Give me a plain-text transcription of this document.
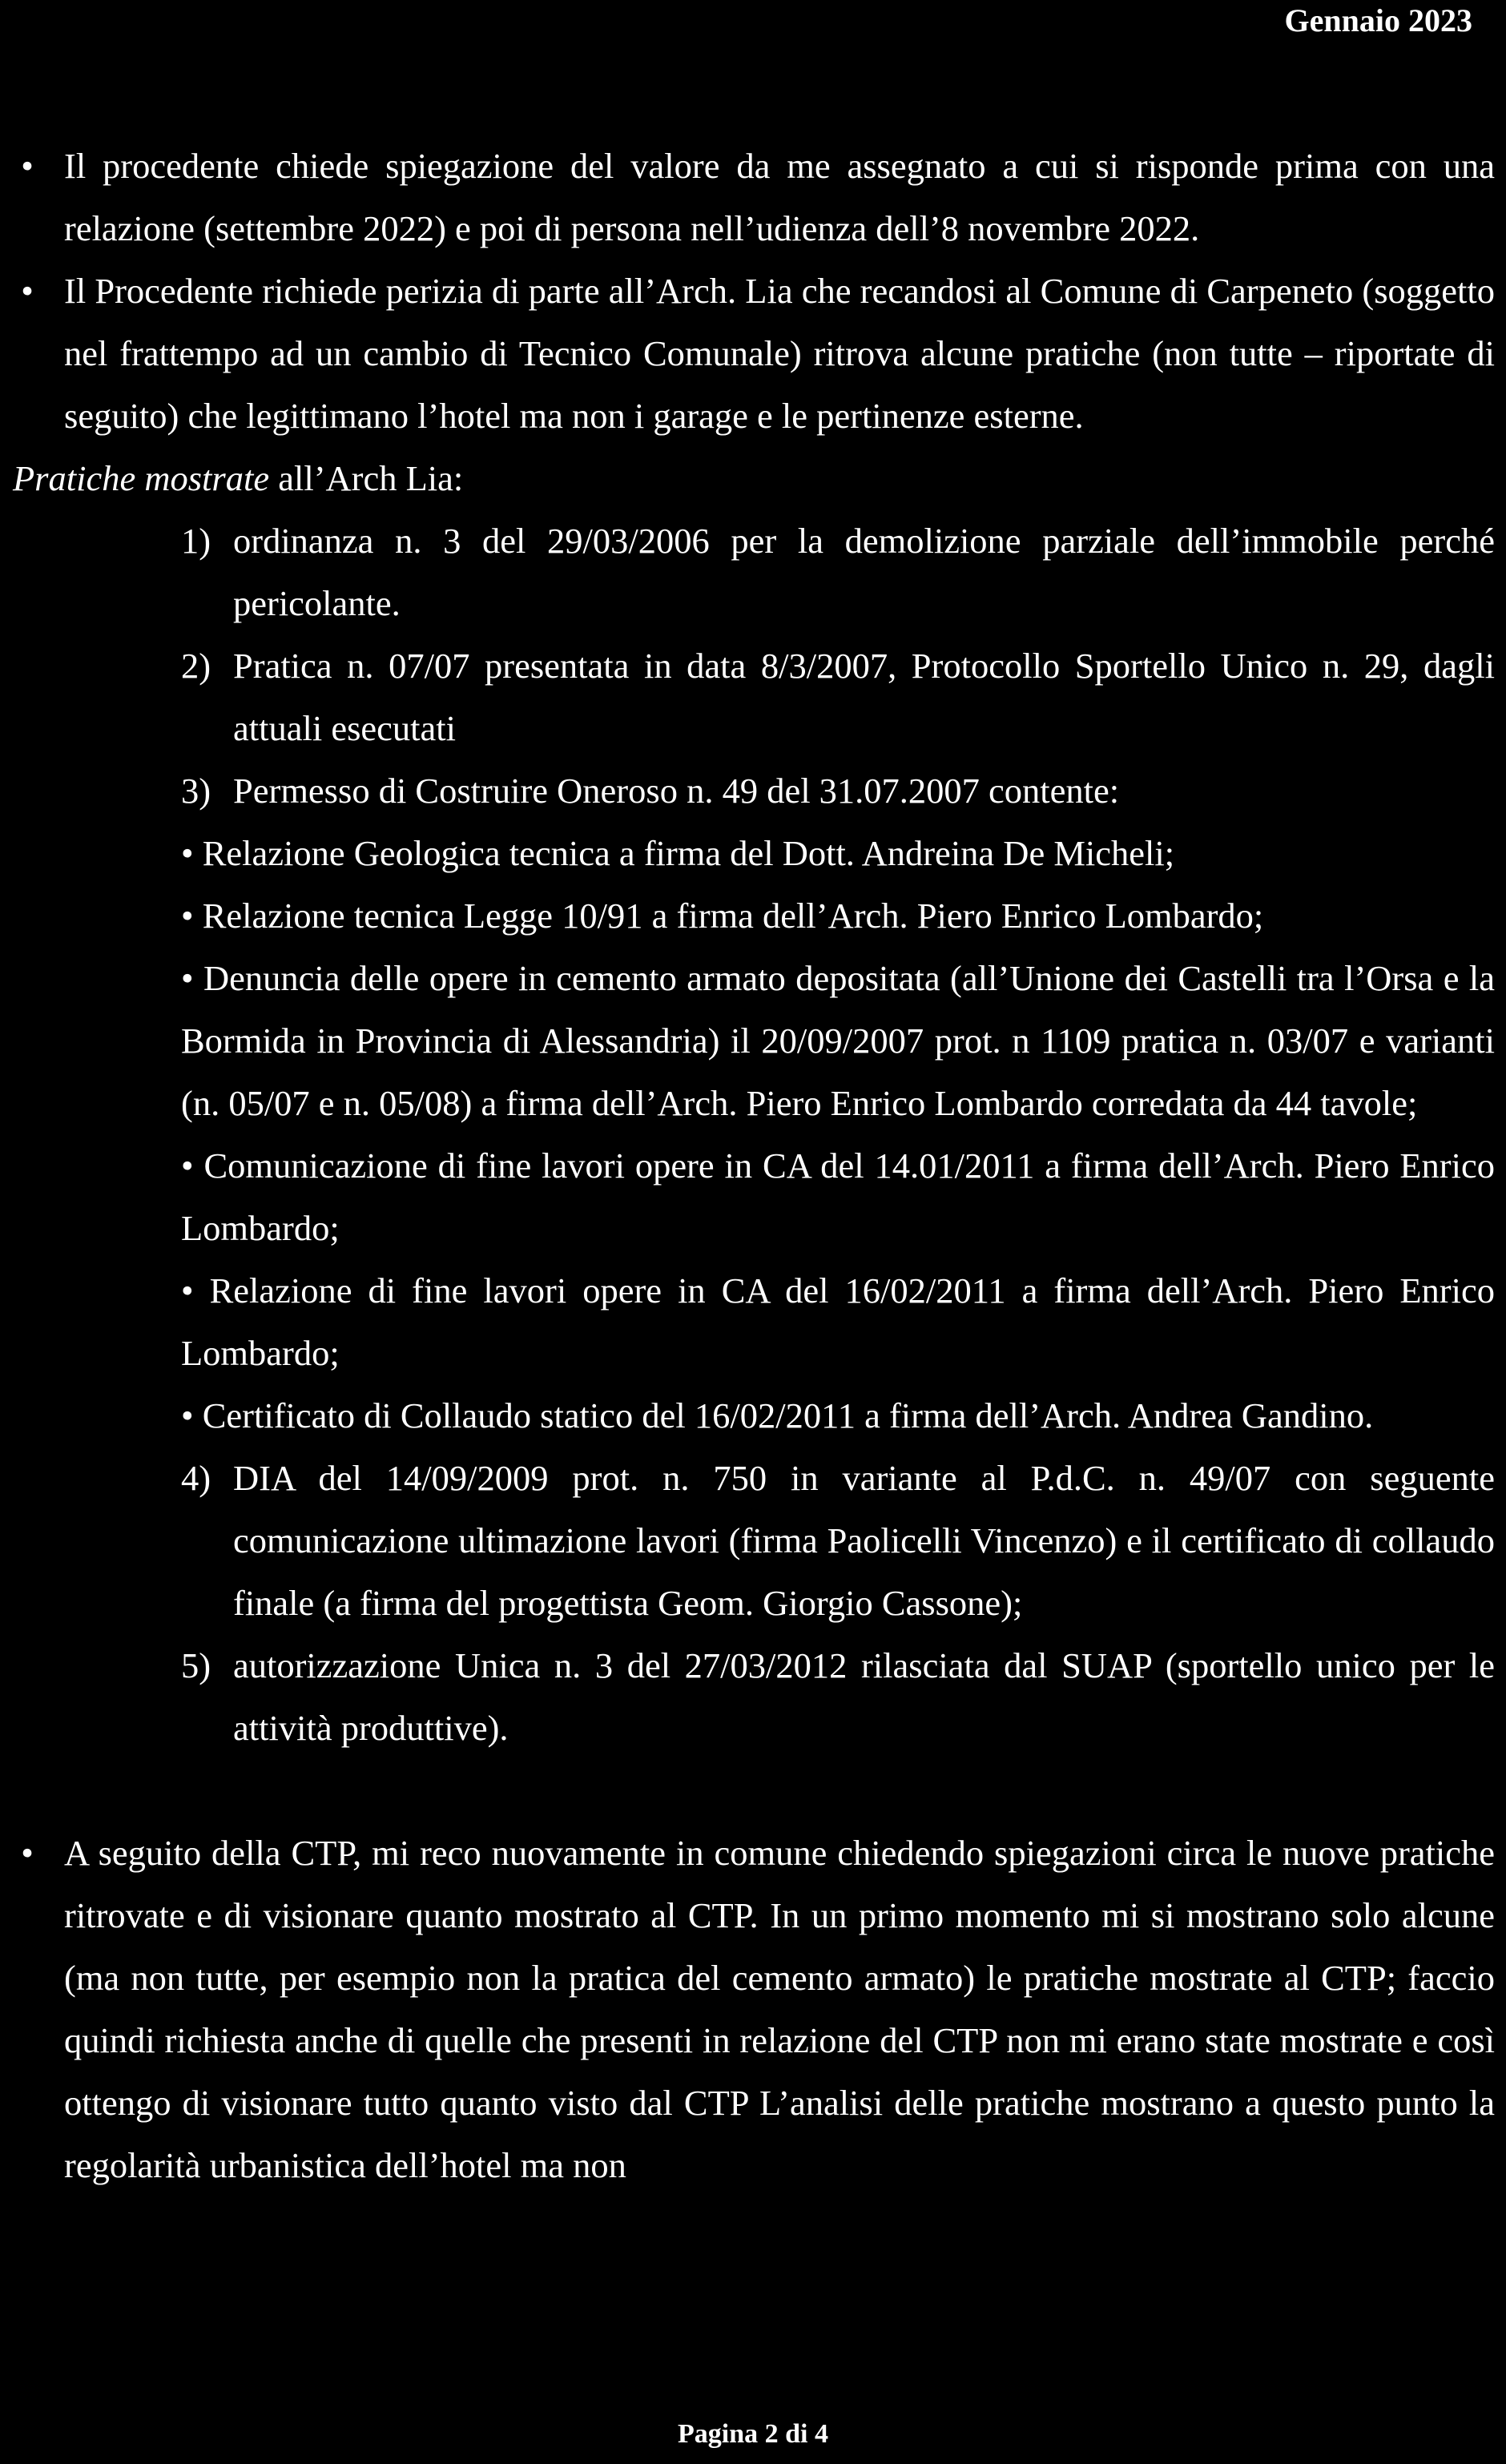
Gennaio 2023
• Il procedente chiede spiegazione del valore da me assegnato a cui si risponde prima con una relazione (settembre 2022) e poi di persona nell’udienza dell’8 novembre 2022.
• Il Procedente richiede perizia di parte all’Arch. Lia che recandosi al Comune di Carpeneto (soggetto nel frattempo ad un cambio di Tecnico Comunale) ritrova alcune pratiche (non tutte – riportate di seguito) che legittimano l’hotel ma non i garage e le pertinenze esterne.
Pratiche mostrate all’Arch Lia:
1) ordinanza n. 3 del 29/03/2006 per la demolizione parziale dell’immobile perché pericolante.
2) Pratica n. 07/07 presentata in data 8/3/2007, Protocollo Sportello Unico n. 29, dagli attuali esecutati
3) Permesso di Costruire Oneroso n. 49 del 31.07.2007 contente:
• Relazione Geologica tecnica a firma del Dott. Andreina De Micheli;
• Relazione tecnica Legge 10/91 a firma dell’Arch. Piero Enrico Lombardo;
• Denuncia delle opere in cemento armato depositata (all’Unione dei Castelli tra l’Orsa e la Bormida in Provincia di Alessandria) il 20/09/2007 prot. n 1109 pratica n. 03/07 e varianti (n. 05/07 e n. 05/08) a firma dell’Arch. Piero Enrico Lombardo corredata da 44 tavole;
• Comunicazione di fine lavori opere in CA del 14.01/2011 a firma dell’Arch. Piero Enrico Lombardo;
• Relazione di fine lavori opere in CA del 16/02/2011 a firma dell’Arch. Piero Enrico Lombardo;
• Certificato di Collaudo statico del 16/02/2011 a firma dell’Arch. Andrea Gandino.
4) DIA del 14/09/2009 prot. n. 750 in variante al P.d.C. n. 49/07 con seguente comunicazione ultimazione lavori (firma Paolicelli Vincenzo) e il certificato di collaudo finale (a firma del progettista Geom. Giorgio Cassone);
5) autorizzazione Unica n. 3 del 27/03/2012 rilasciata dal SUAP (sportello unico per le attività produttive).
• A seguito della CTP, mi reco nuovamente in comune chiedendo spiegazioni circa le nuove pratiche ritrovate e di visionare quanto mostrato al CTP. In un primo momento mi si mostrano solo alcune (ma non tutte, per esempio non la pratica del cemento armato) le pratiche mostrate al CTP; faccio quindi richiesta anche di quelle che presenti in relazione del CTP non mi erano state mostrate e così ottengo di visionare tutto quanto visto dal CTP L’analisi delle pratiche mostrano a questo punto la regolarità urbanistica dell’hotel ma non
Pagina 2 di 4
